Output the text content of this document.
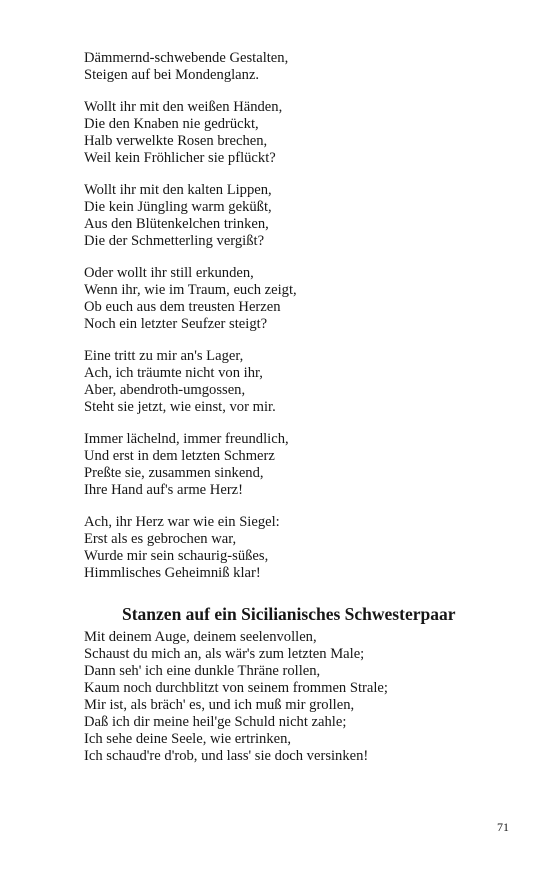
Dämmernd-schwebende Gestalten,
Steigen auf bei Mondenglanz.
Wollt ihr mit den weißen Händen,
Die den Knaben nie gedrückt,
Halb verwelkte Rosen brechen,
Weil kein Fröhlicher sie pflückt?
Wollt ihr mit den kalten Lippen,
Die kein Jüngling warm geküßt,
Aus den Blütenkelchen trinken,
Die der Schmetterling vergißt?
Oder wollt ihr still erkunden,
Wenn ihr, wie im Traum, euch zeigt,
Ob euch aus dem treusten Herzen
Noch ein letzter Seufzer steigt?
Eine tritt zu mir an's Lager,
Ach, ich träumte nicht von ihr,
Aber, abendroth-umgossen,
Steht sie jetzt, wie einst, vor mir.
Immer lächelnd, immer freundlich,
Und erst in dem letzten Schmerz
Preßte sie, zusammen sinkend,
Ihre Hand auf's arme Herz!
Ach, ihr Herz war wie ein Siegel:
Erst als es gebrochen war,
Wurde mir sein schaurig-süßes,
Himmlisches Geheimniß klar!
Stanzen auf ein Sicilianisches Schwesterpaar
Mit deinem Auge, deinem seelenvollen,
Schaust du mich an, als wär's zum letzten Male;
Dann seh' ich eine dunkle Thräne rollen,
Kaum noch durchblitzt von seinem frommen Strale;
Mir ist, als bräch' es, und ich muß mir grollen,
Daß ich dir meine heil'ge Schuld nicht zahle;
Ich sehe deine Seele, wie ertrinken,
Ich schaud're d'rob, und lass' sie doch versinken!
71
